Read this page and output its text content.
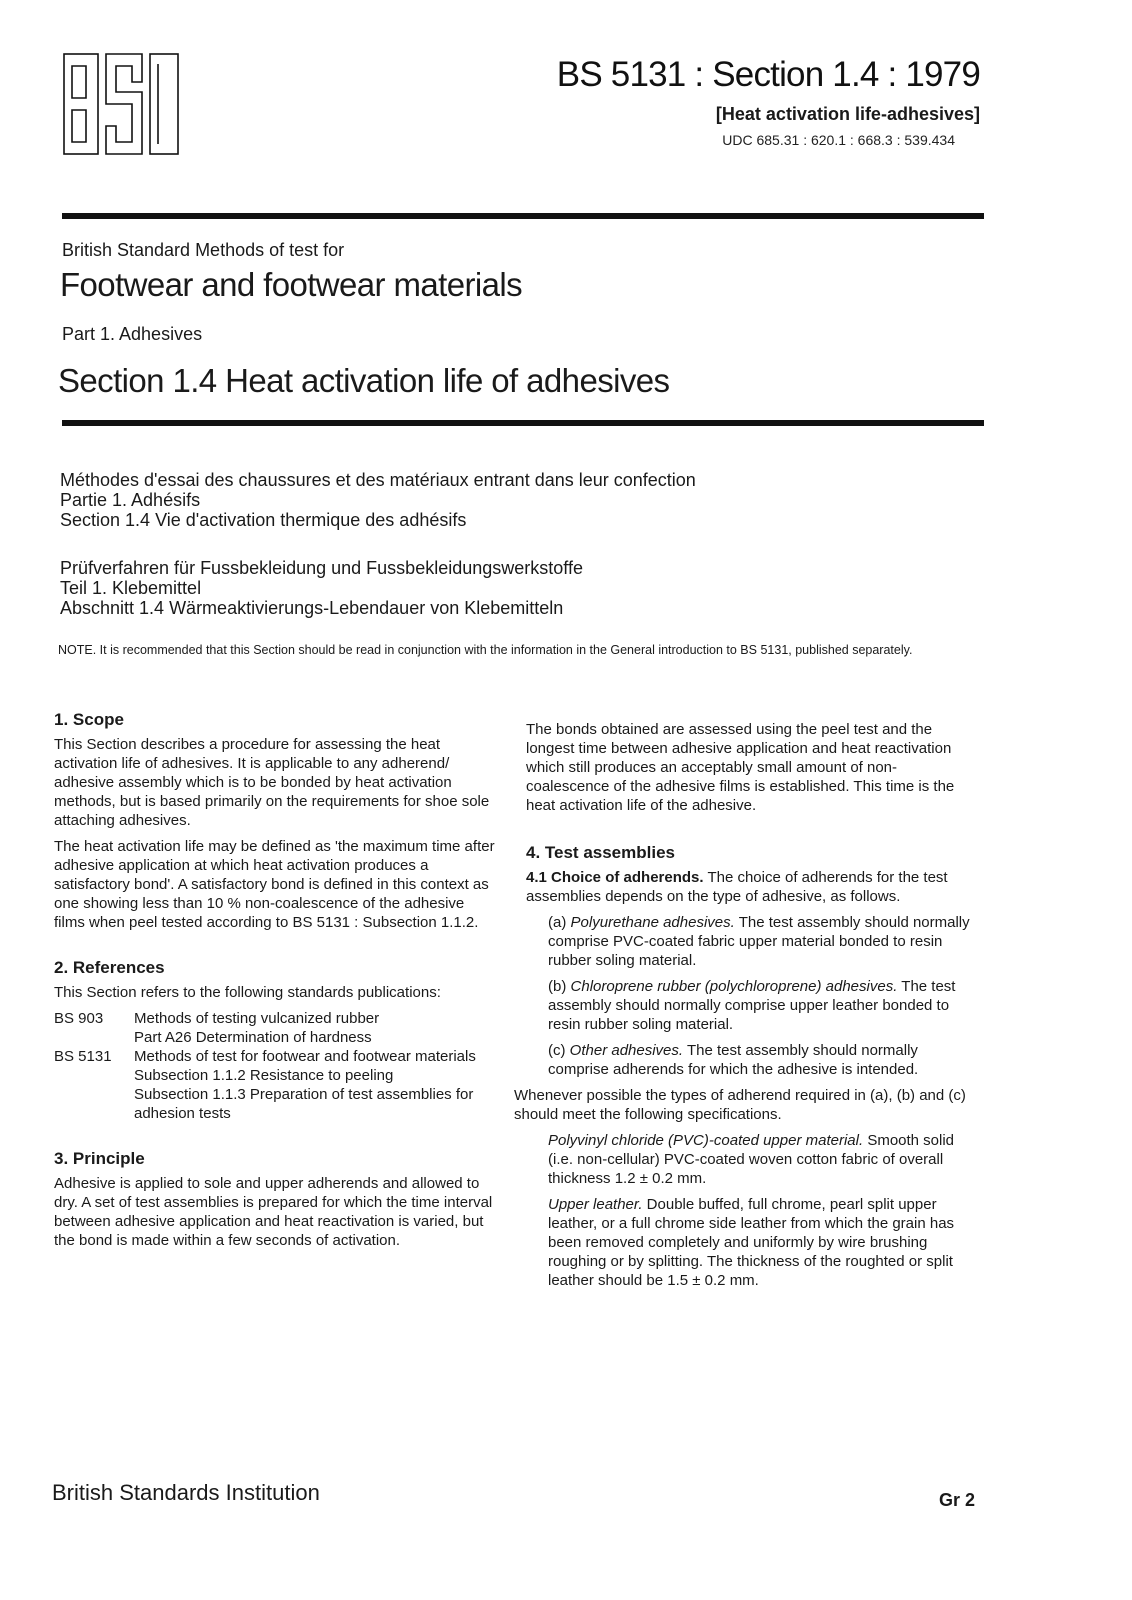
BS 5131 : Section 1.4 : 1979
[Heat activation life-adhesives]
UDC 685.31 : 620.1 : 668.3 : 539.434
British Standard Methods of test for
Footwear and footwear materials
Part 1. Adhesives
Section 1.4 Heat activation life of adhesives
Méthodes d'essai des chaussures et des matériaux entrant dans leur confection
Partie 1. Adhésifs
Section 1.4 Vie d'activation thermique des adhésifs
Prüfverfahren für Fussbekleidung und Fussbekleidungswerkstoffe
Teil 1. Klebemittel
Abschnitt 1.4 Wärmeaktivierungs-Lebendauer von Klebemitteln
NOTE. It is recommended that this Section should be read in conjunction with the information in the General introduction to BS 5131, published separately.
1. Scope
This Section describes a procedure for assessing the heat activation life of adhesives. It is applicable to any adherend/ adhesive assembly which is to be bonded by heat activation methods, but is based primarily on the requirements for shoe sole attaching adhesives.
The heat activation life may be defined as 'the maximum time after adhesive application at which heat activation produces a satisfactory bond'. A satisfactory bond is defined in this context as one showing less than 10 % non-coalescence of the adhesive films when peel tested according to BS 5131 : Subsection 1.1.2.
2. References
This Section refers to the following standards publications:
BS 903	Methods of testing vulcanized rubber
Part A26 Determination of hardness
BS 5131	Methods of test for footwear and footwear materials
Subsection 1.1.2 Resistance to peeling
Subsection 1.1.3 Preparation of test assemblies for adhesion tests
3. Principle
Adhesive is applied to sole and upper adherends and allowed to dry. A set of test assemblies is prepared for which the time interval between adhesive application and heat reactivation is varied, but the bond is made within a few seconds of activation.
The bonds obtained are assessed using the peel test and the longest time between adhesive application and heat reactivation which still produces an acceptably small amount of non-coalescence of the adhesive films is established. This time is the heat activation life of the adhesive.
4. Test assemblies
4.1 Choice of adherends. The choice of adherends for the test assemblies depends on the type of adhesive, as follows.
(a) Polyurethane adhesives. The test assembly should normally comprise PVC-coated fabric upper material bonded to resin rubber soling material.
(b) Chloroprene rubber (polychloroprene) adhesives. The test assembly should normally comprise upper leather bonded to resin rubber soling material.
(c) Other adhesives. The test assembly should normally comprise adherends for which the adhesive is intended.
Whenever possible the types of adherend required in (a), (b) and (c) should meet the following specifications.
Polyvinyl chloride (PVC)-coated upper material. Smooth solid (i.e. non-cellular) PVC-coated woven cotton fabric of overall thickness 1.2 ± 0.2 mm.
Upper leather. Double buffed, full chrome, pearl split upper leather, or a full chrome side leather from which the grain has been removed completely and uniformly by wire brushing roughing or by splitting. The thickness of the roughted or split leather should be 1.5 ± 0.2 mm.
British Standards Institution	Gr 2
